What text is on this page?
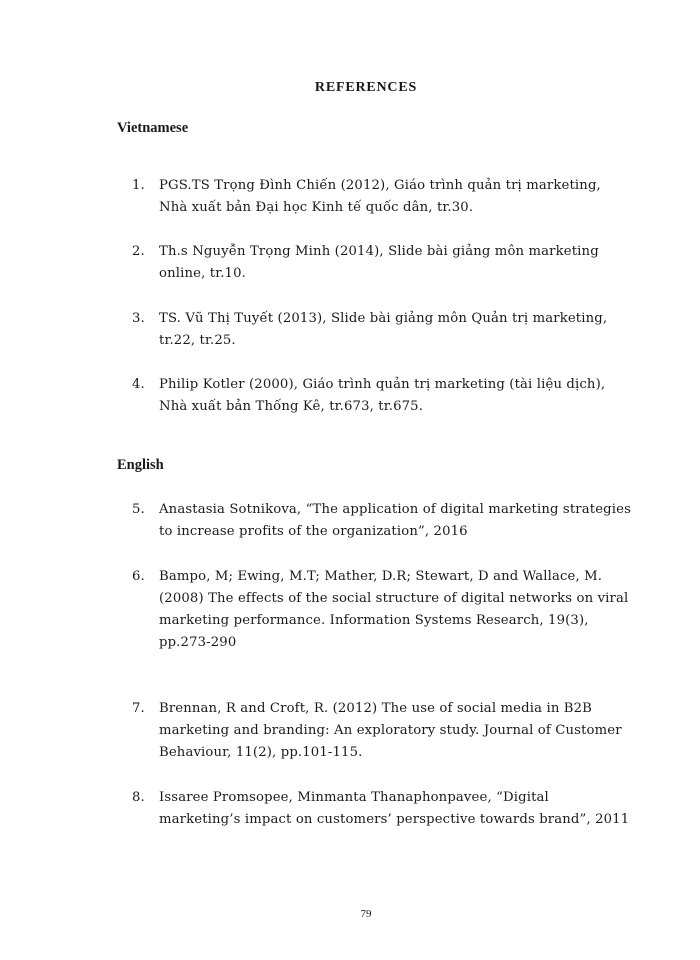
REFERENCES
Vietnamese
1.	PGS.TS Trọng Đình Chiến (2012), Giáo trình quản trị marketing, Nhà xuất bản Đại học Kinh tế quốc dân, tr.30.
2.	Th.s Nguyễn Trọng Minh (2014), Slide bài giảng môn marketing online, tr.10.
3.	TS. Vũ Thị Tuyết (2013), Slide bài giảng môn Quản trị marketing, tr.22, tr.25.
4.	Philip Kotler (2000), Giáo trình quản trị marketing (tài liệu dịch), Nhà xuất bản Thống Kê, tr.673, tr.675.
English
5.	Anastasia Sotnikova, “The application of digital marketing strategies to increase profits of the organization”, 2016
6.	Bampo, M; Ewing, M.T; Mather, D.R; Stewart, D and Wallace, M. (2008) The effects of the social structure of digital networks on viral marketing performance. Information Systems Research, 19(3), pp.273-290
7.	Brennan, R and Croft, R. (2012) The use of social media in B2B marketing and branding: An exploratory study. Journal of Customer Behaviour, 11(2), pp.101-115.
8.	Issaree Promsopee, Minmanta Thanaphonpavee, “Digital marketing’s impact on customers’ perspective towards brand”, 2011
79
